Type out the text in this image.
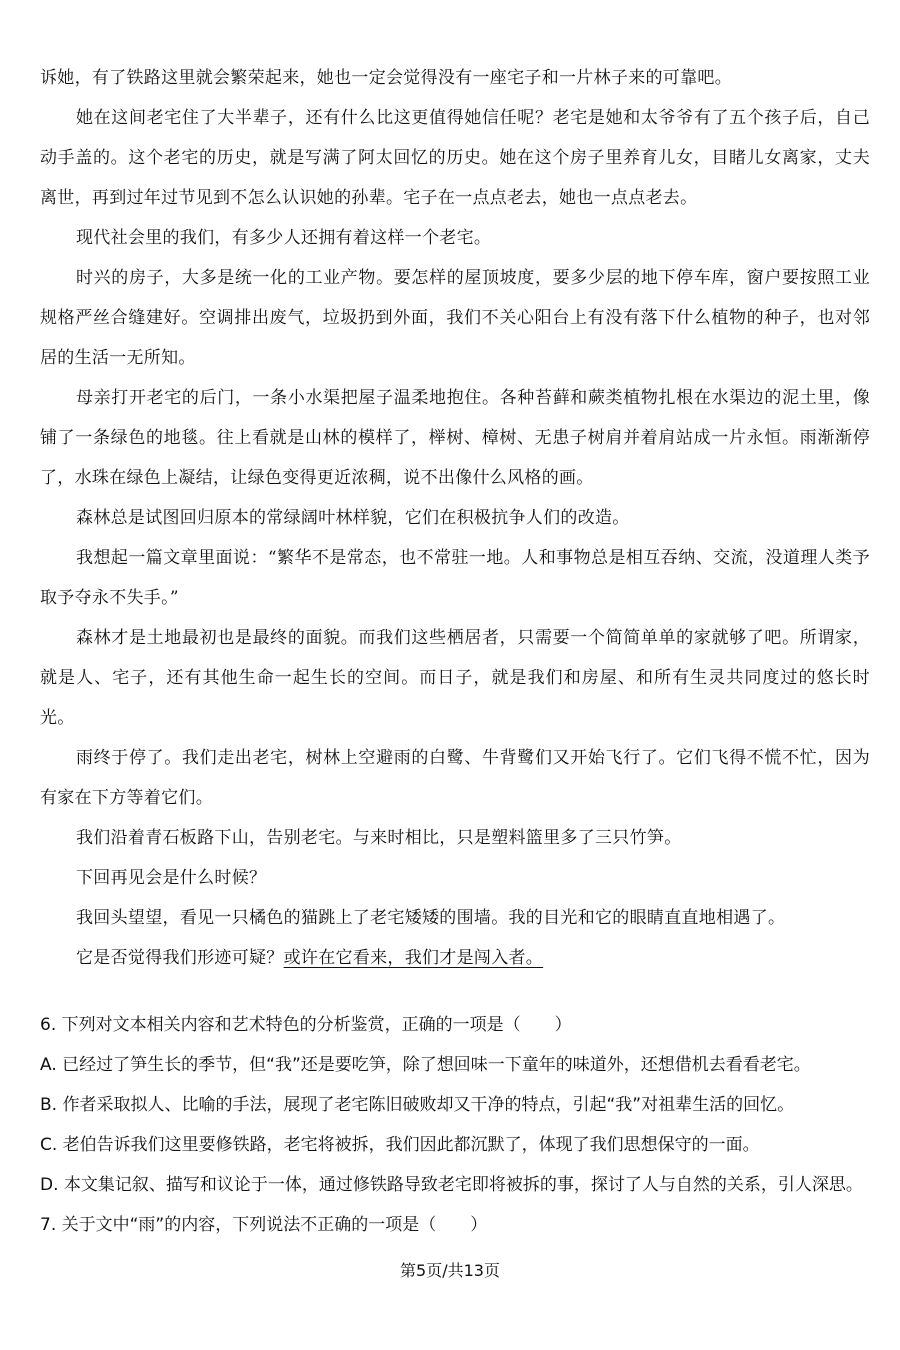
诉她，有了铁路这里就会繁荣起来，她也一定会觉得没有一座宅子和一片林子来的可靠吧。

她在这间老宅住了大半辈子，还有什么比这更值得她信任呢？老宅是她和太爷爷有了五个孩子后，自己动手盖的。这个老宅的历史，就是写满了阿太回忆的历史。她在这个房子里养育儿女，目睹儿女离家，丈夫离世，再到过年过节见到不怎么认识她的孙辈。宅子在一点点老去，她也一点点老去。

现代社会里的我们，有多少人还拥有着这样一个老宅。

时兴的房子，大多是统一化的工业产物。要怎样的屋顶坡度，要多少层的地下停车库，窗户要按照工业规格严丝合缝建好。空调排出废气，垃圾扔到外面，我们不关心阳台上有没有落下什么植物的种子，也对邻居的生活一无所知。

母亲打开老宅的后门，一条小水渠把屋子温柔地抱住。各种苔藓和蕨类植物扎根在水渠边的泥土里，像铺了一条绿色的地毯。往上看就是山林的模样了，榉树、樟树、无患子树肩并着肩站成一片永恒。雨渐渐停了，水珠在绿色上凝结，让绿色变得更近浓稠，说不出像什么风格的画。

森林总是试图回归原本的常绿阔叶林样貌，它们在积极抗争人们的改造。

我想起一篇文章里面说：“繁华不是常态，也不常驻一地。人和事物总是相互吞纳、交流，没道理人类予取予夺永不失手。”

森林才是土地最初也是最终的面貌。而我们这些栖居者，只需要一个简简单单的家就够了吧。所谓家，就是人、宅子，还有其他生命一起生长的空间。而日子，就是我们和房屋、和所有生灵共同度过的悠长时光。

雨终于停了。我们走出老宅，树林上空避雨的白鹭、牛背鹭们又开始飞行了。它们飞得不慌不忙，因为有家在下方等着它们。

我们沿着青石板路下山，告别老宅。与来时相比，只是塑料篮里多了三只竹笋。

下回再见会是什么时候？

我回头望望，看见一只橘色的猫跳上了老宅矮矮的围墙。我的目光和它的眼睛直直地相遇了。

它是否觉得我们形迹可疑？或许在它看来，我们才是闯入者。

6. 下列对文本相关内容和艺术特色的分析鉴赏，正确的一项是（　　）

A. 已经过了笋生长的季节，但“我”还是要吃笋，除了想回味一下童年的味道外，还想借机去看看老宅。

B. 作者采取拟人、比喻的手法，展现了老宅陈旧破败却又干净的特点，引起“我”对祖辈生活的回忆。

C. 老伯告诉我们这里要修铁路，老宅将被拆，我们因此都沉默了，体现了我们思想保守的一面。

D. 本文集记叙、描写和议论于一体，通过修铁路导致老宅即将被拆的事，探讨了人与自然的关系，引人深思。

7. 关于文中“雨”的内容，下列说法不正确的一项是（　　）

第5页/共13页
